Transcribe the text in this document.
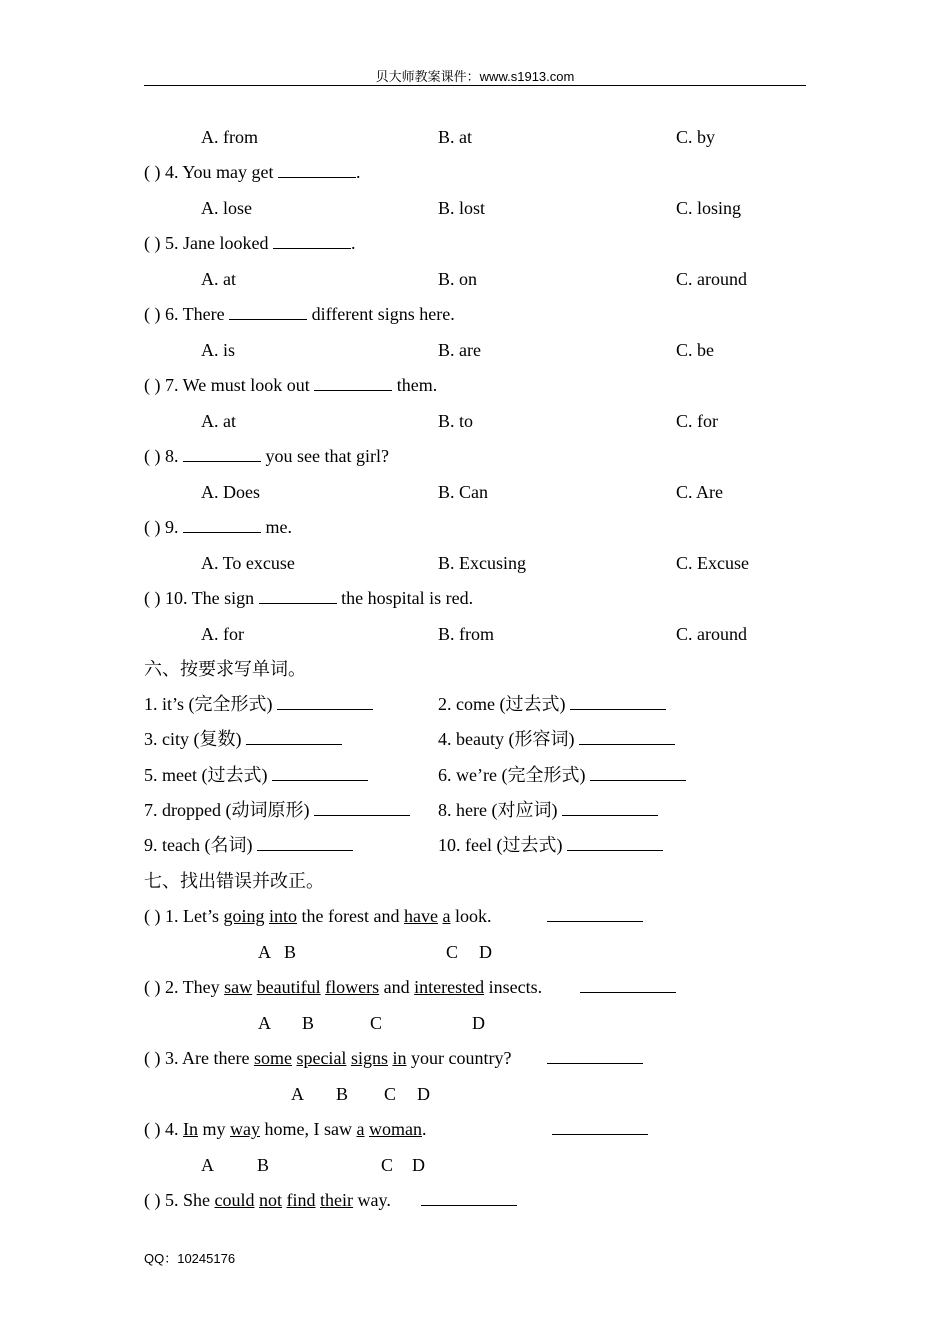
贝大师教案课件：www.s1913.com
A. from	B. at	C. by
( ) 4. You may get	.
A. lose	B. lost	C. losing
( ) 5. Jane looked	.
A. at	B. on	C. around
( ) 6. There	different signs here.
A. is	B. are	C. be
( ) 7. We must look out	them.
A. at	B. to	C. for
( ) 8.	you see that girl?
A. Does	B. Can	C. Are
( ) 9.	me.
A. To excuse	B. Excusing	C. Excuse
( ) 10. The sign	the hospital is red.
A. for	B. from	C. around
六、按要求写单词。
1. it’s (完全形式)	2. come (过去式)
3. city (复数)	4. beauty (形容词)
5. meet (过去式)	6. we’re (完全形式)
7. dropped (动词原形)	8. here (对应词)
9. teach (名词)	10. feel (过去式)
七、找出错误并改正。
( ) 1. Let’s going into the forest and have a look.
A B	C D
( ) 2. They saw beautiful flowers and interested insects.
A B	C	D
( ) 3. Are there some special signs in your country?
A B C D
( ) 4. In my way home, I saw a woman.
A B	C D
( ) 5. She could not find their way.
QQ：10245176
